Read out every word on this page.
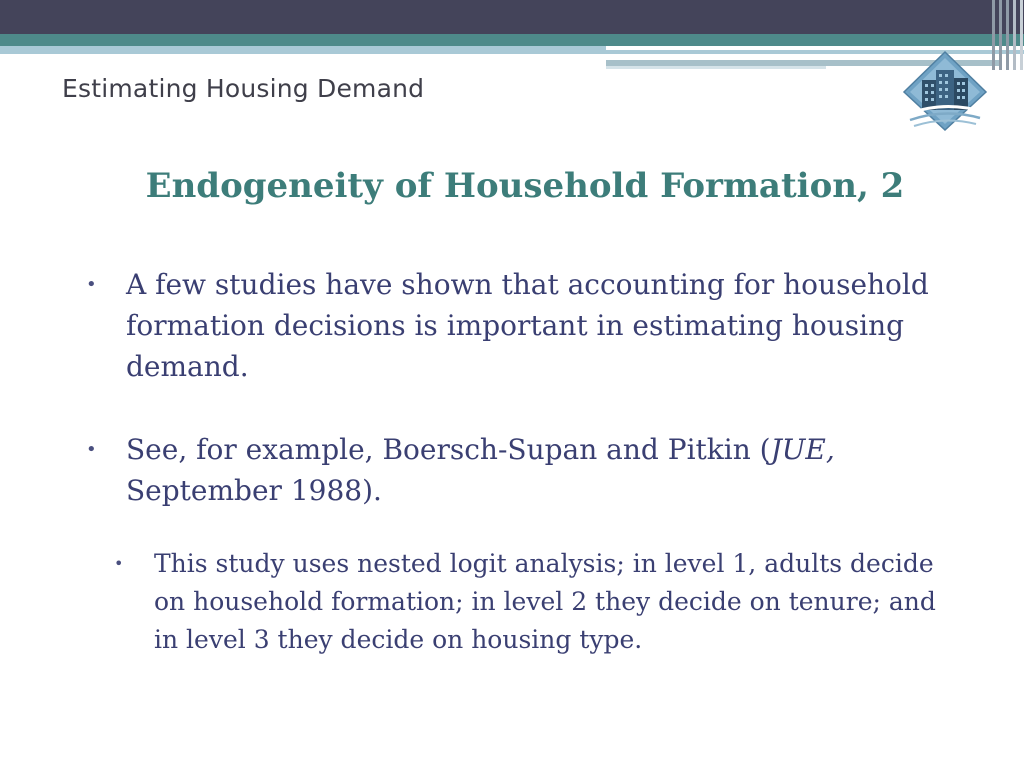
Estimating Housing Demand
Endogeneity of Household Formation, 2
• A few studies have shown that accounting for household formation decisions is important in estimating housing demand.
• See, for example, Boersch-Supan and Pitkin (JUE, September 1988).
• This study uses nested logit analysis; in level 1, adults decide on household formation; in level 2 they decide on tenure; and in level 3 they decide on housing type.
